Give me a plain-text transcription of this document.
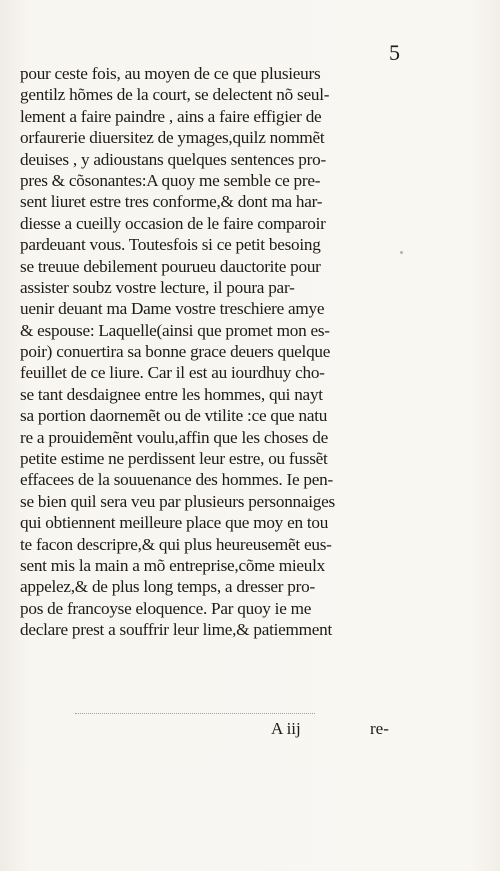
5
pour ceste fois, au moyen de ce que plusieurs
gentilz hõmes de la court, se delectent nõ seul-
lement a faire paindre , ains a faire effigier de
orfaurerie diuersitez de ymages,quilz nommẽt
deuises , y adioustans quelques sentences pro-
pres & cõsonantes:A quoy me semble ce pre-
sent liuret estre tres conforme,& dont ma har-
diesse a cueilly occasion de le faire comparoir
pardeuant vous. Toutesfois si ce petit besoing
se treuue debilement pourueu dauctorite pour
assister soubz vostre lecture, il poura par-
uenir deuant ma Dame vostre treschiere amye
& espouse: Laquelle(ainsi que promet mon es-
poir) conuertira sa bonne grace deuers quelque
feuillet de ce liure. Car il est au iourdhuy cho-
se tant desdaignee entre les hommes, qui nayt
sa portion daornemẽt ou de vtilite :ce que natu
re a prouidemẽnt voulu,affin que les choses de
petite estime ne perdissent leur estre, ou fussẽt
effacees de la souuenance des hommes. Ie pen-
se bien quil sera veu par plusieurs personnaiges
qui obtiennent meilleure place que moy en tou
te facon descripre,& qui plus heureusemẽt eus-
sent mis la main a mõ entreprise,cõme mieulx
appelez,& de plus long temps, a dresser pro-
pos de francoyse eloquence. Par quoy ie me
declare prest a souffrir leur lime,& patiemment
A iij	re-
